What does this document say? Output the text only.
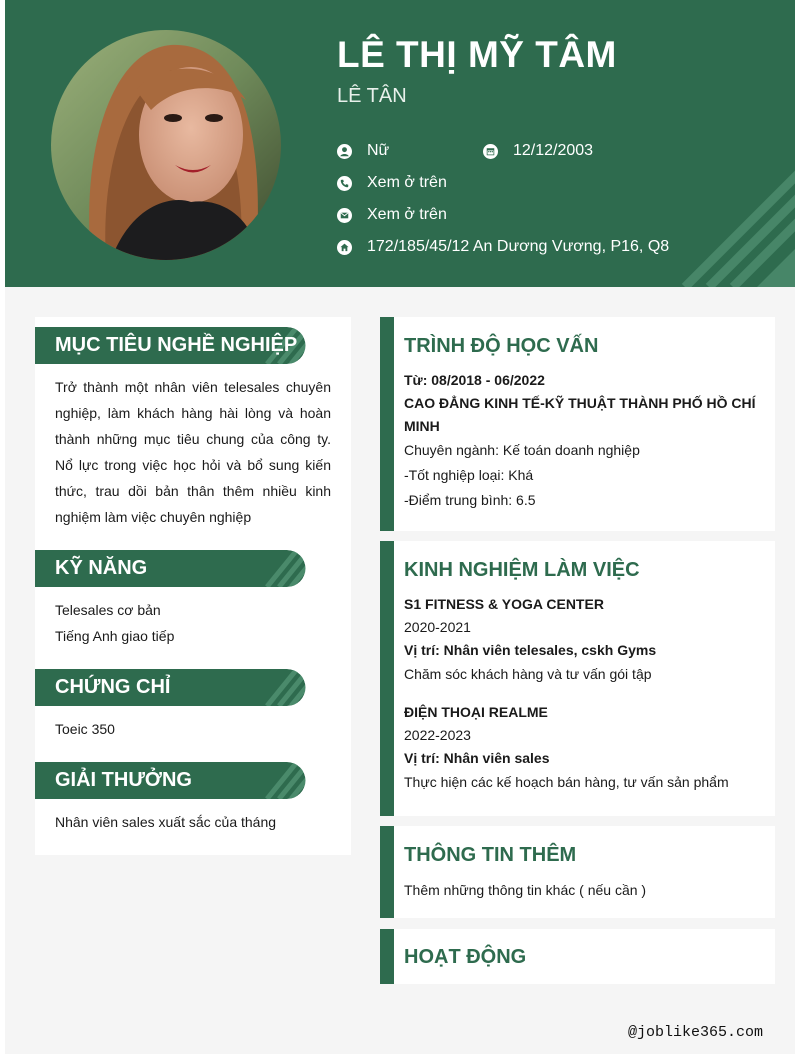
LÊ THỊ MỸ TÂM
LÊ TÂN
Nữ	12/12/2003
Xem ở trên
Xem ở trên
172/185/45/12 An Dương Vương, P16, Q8
MỤC TIÊU NGHỀ NGHIỆP
Trở thành một nhân viên telesales chuyên nghiệp, làm khách hàng hài lòng và hoàn thành những mục tiêu chung của công ty. Nổ lực trong việc học hỏi và bổ sung kiến thức, trau dồi bản thân thêm nhiều kinh nghiệm làm việc chuyên nghiệp
KỸ NĂNG
Telesales cơ bản
Tiếng Anh giao tiếp
CHỨNG CHỈ
Toeic 350
GIẢI THƯỞNG
Nhân viên sales xuất sắc của tháng
TRÌNH ĐỘ HỌC VẤN
Từ: 08/2018 - 06/2022
CAO ĐẲNG KINH TẾ-KỸ THUẬT THÀNH PHỐ HỒ CHÍ MINH
Chuyên ngành: Kế toán doanh nghiệp
-Tốt nghiệp loại: Khá
-Điểm trung bình: 6.5
KINH NGHIỆM LÀM VIỆC
S1 FITNESS & YOGA CENTER
2020-2021
Vị trí: Nhân viên telesales, cskh Gyms
Chăm sóc khách hàng và tư vấn gói tập
ĐIỆN THOẠI REALME
2022-2023
Vị trí: Nhân viên sales
Thực hiện các kế hoạch bán hàng, tư vấn sản phẩm
THÔNG TIN THÊM
Thêm những thông tin khác ( nếu cần )
HOẠT ĐỘNG
@joblike365.com
